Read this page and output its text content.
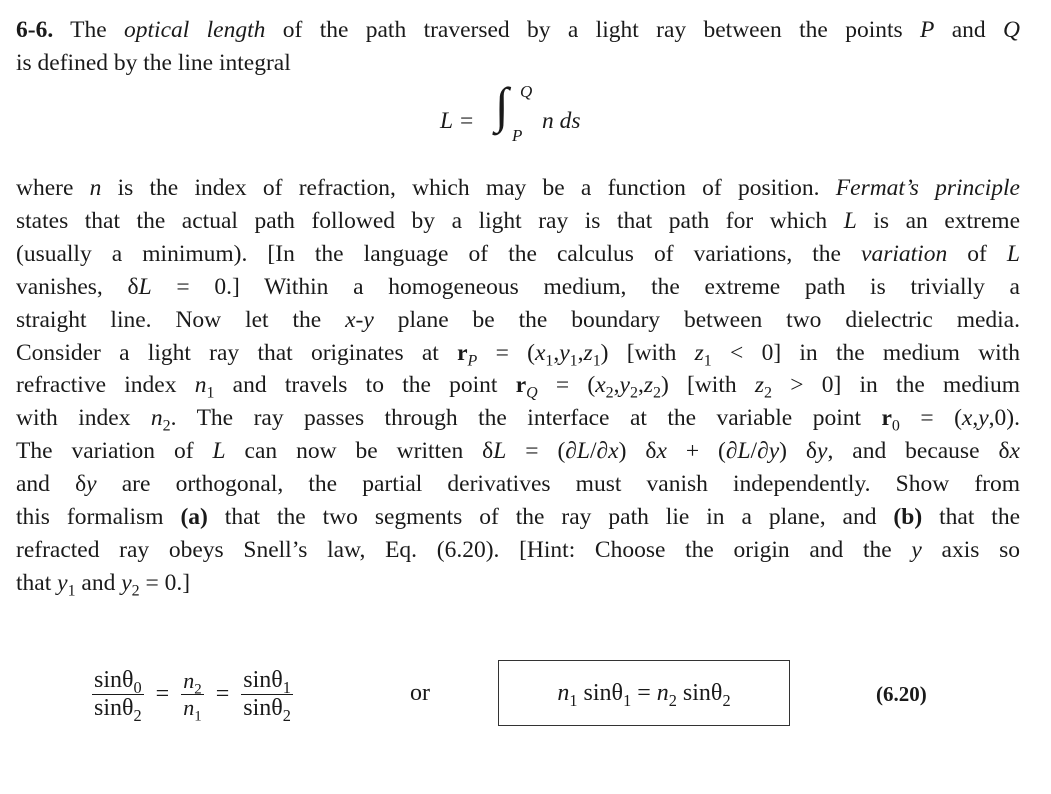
6-6. The optical length of the path traversed by a light ray between the points P and Q
is defined by the line integral
L = ∫ Q
P
n ds
where n is the index of refraction, which may be a function of position. Fermat’s principle
states that the actual path followed by a light ray is that path for which L is an extreme
(usually a minimum). [In the language of the calculus of variations, the variation of L
vanishes, δL = 0.] Within a homogeneous medium, the extreme path is trivially a
straight line. Now let the x-y plane be the boundary between two dielectric media.
Consider a light ray that originates at $r_P = (x_1,y_1,z_1)$ [with $z_1 < 0$] in the medium with
refractive index $n_1$ and travels to the point $r_Q = (x_2,y_2,z_2)$ [with $z_2 > 0$] in the medium
with index $n_2$. The ray passes through the interface at the variable point $r_0 = (x,y,0)$.
The variation of L can now be written δL = (∂L/∂x) δx + (∂L/∂y) δy, and because δx
and δy are orthogonal, the partial derivatives must vanish independently. Show from
this formalism (a) that the two segments of the ray path lie in a plane, and (b) that the
refracted ray obeys Snell’s law, Eq. (6.20). [Hint: Choose the origin and the y axis so
that $y_1$ and $y_2 = 0$.]
$\frac{\sin\theta_0}{\sin\theta_2} = \frac{n_2}{n_1} = \frac{\sin\theta_1}{\sin\theta_2}$	or	$n_1$ $\sin\theta_1 = n_2$ sinθ$_2$	(6.20)
